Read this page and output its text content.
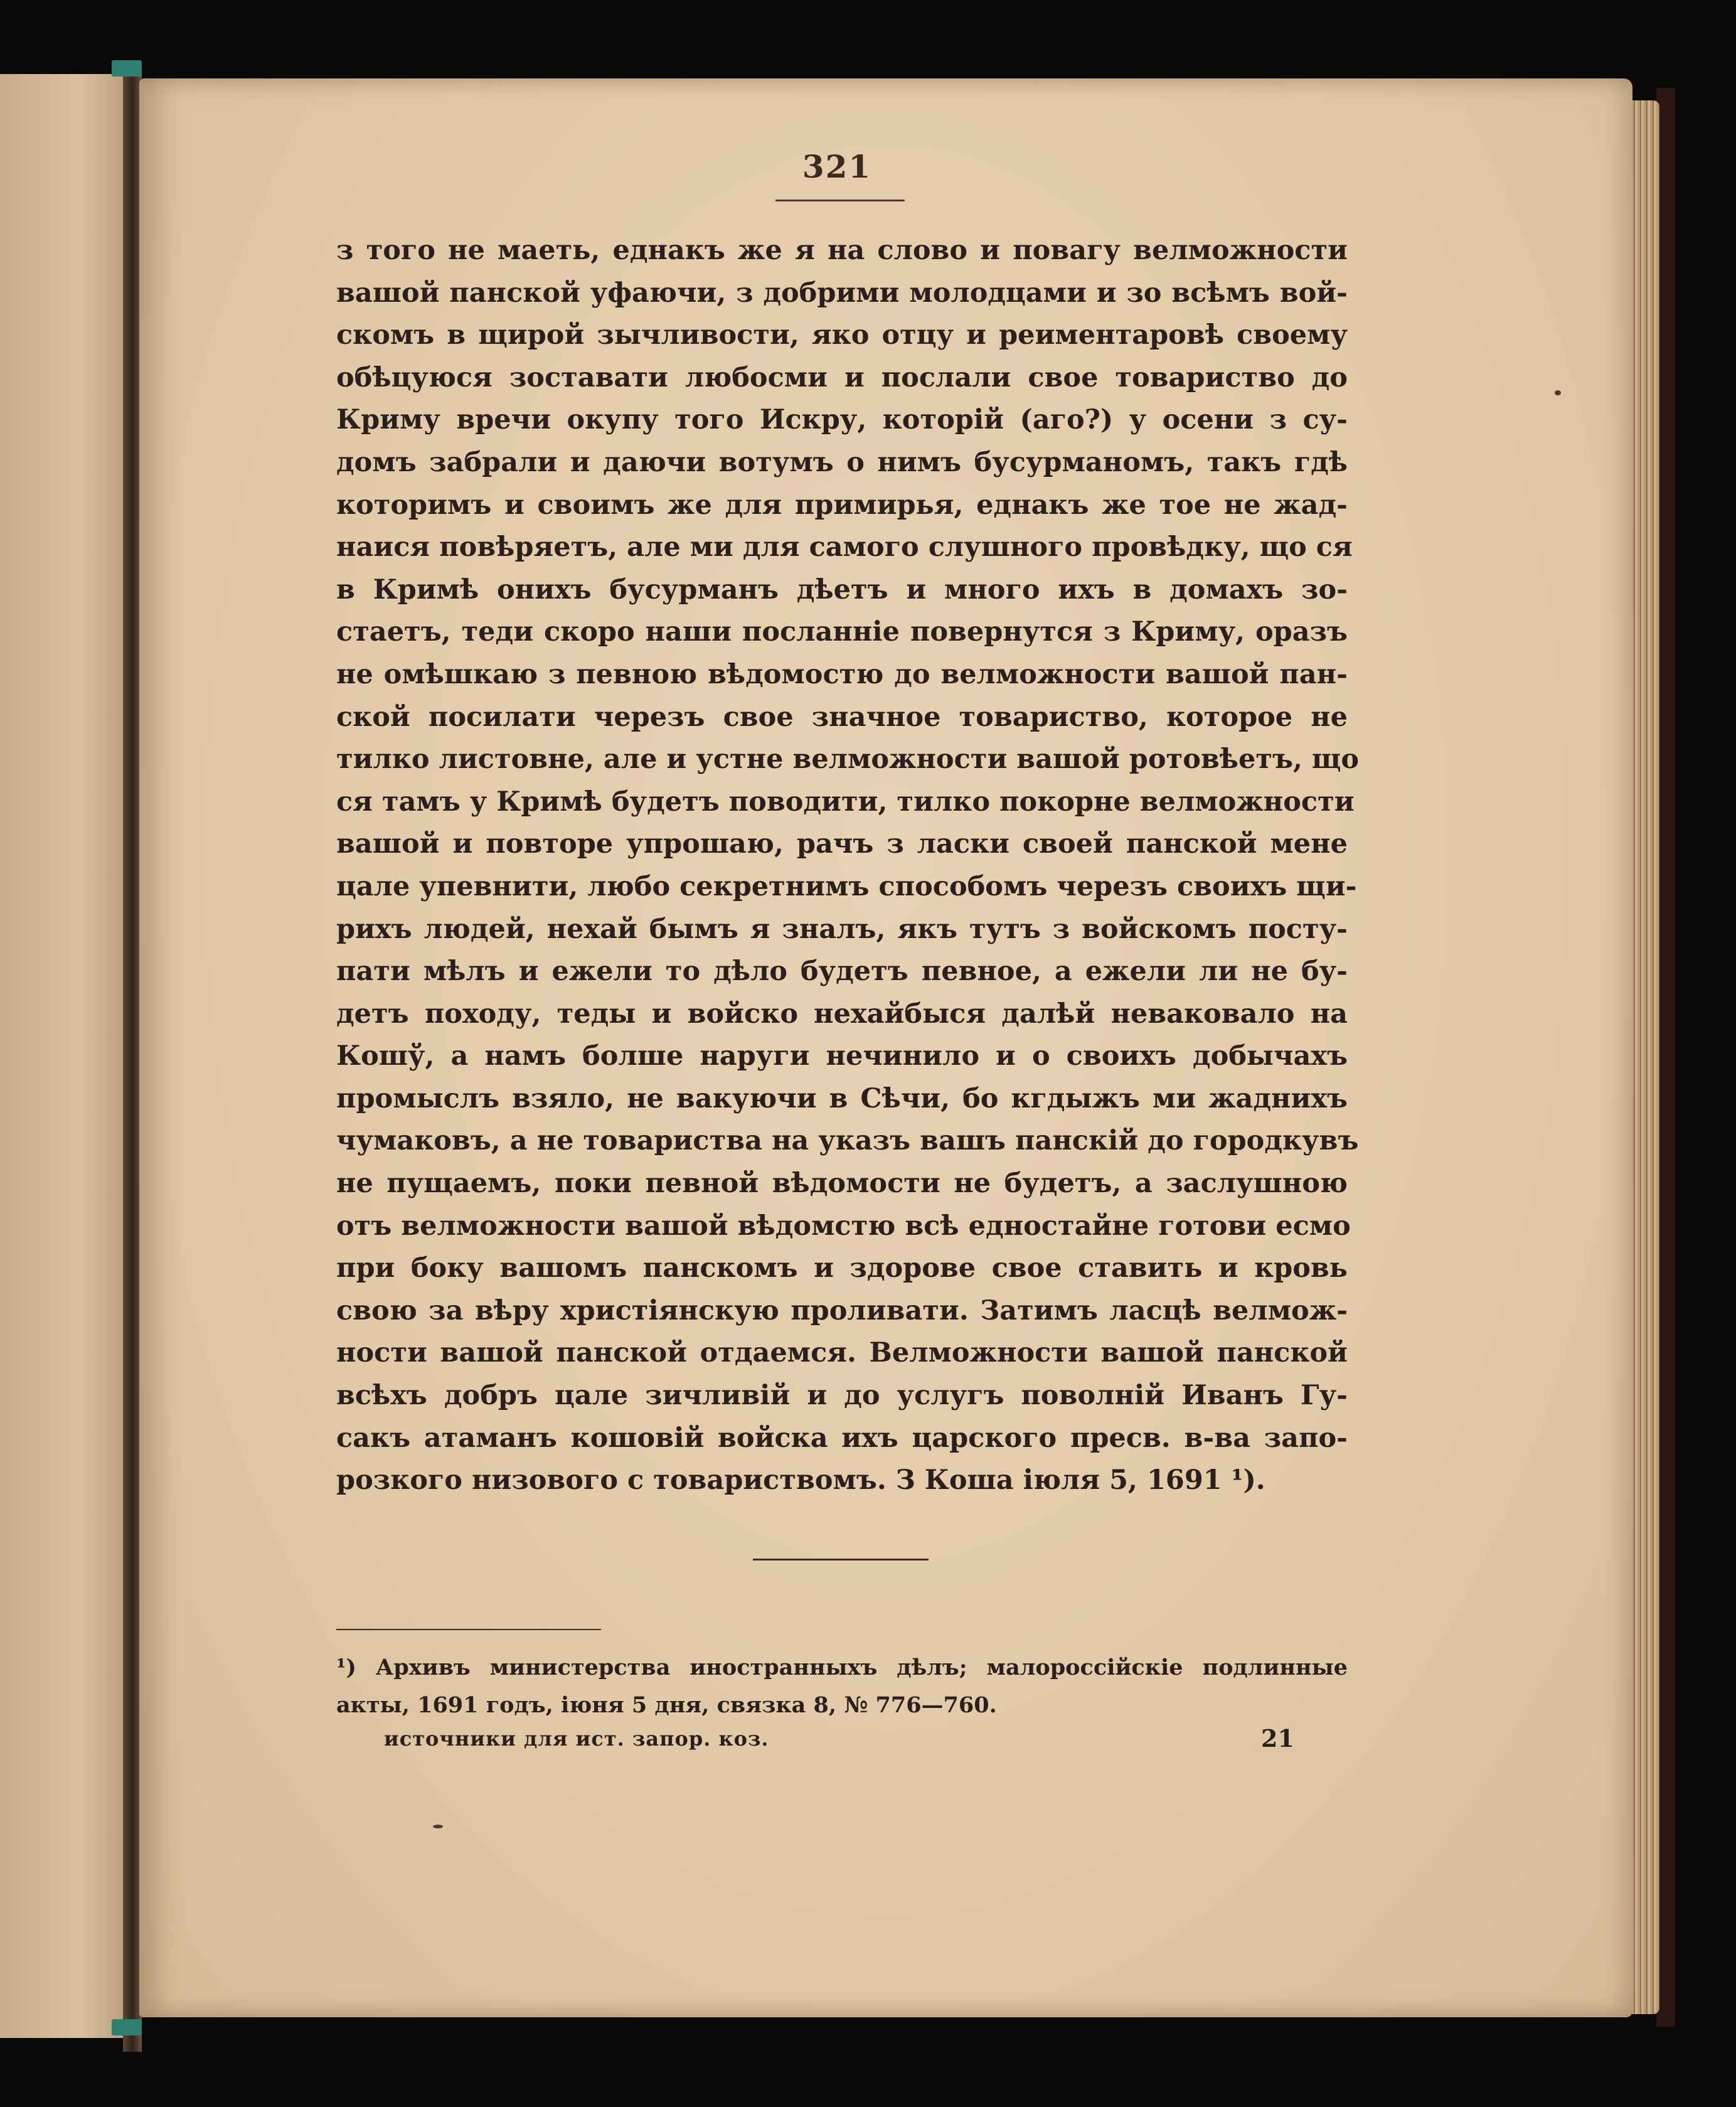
321
з того не маеть, еднакъ же я на слово и повагу велможности
вашой панской уфаючи, з добрими молодцами и зо всѣмъ вой-
скомъ в щирой зычливости, яко отцу и реиментаровѣ своему
обѣцуюся зоставати любосми и послали свое товариство до
Криму вречи окупу того Искру, которій (аго?) у осени з су-
домъ забрали и даючи вотумъ о нимъ бусурманомъ, такъ гдѣ
которимъ и своимъ же для примирья, еднакъ же тое не жад-
наися повѣряетъ, але ми для самого слушного провѣдку, що ся
в Кримѣ онихъ бусурманъ дѣетъ и много ихъ в домахъ зо-
стаетъ, теди скоро наши посланніе повернутся з Криму, оразъ
не омѣшкаю з певною вѣдомостю до велможности вашой пан-
ской посилати черезъ свое значное товариство, которое не
тилко листовне, але и устне велможности вашой ротовѣетъ, що
ся тамъ у Кримѣ будетъ поводити, тилко покорне велможности
вашой и повторе упрошаю, рачъ з ласки своей панской мене
цале упевнити, любо секретнимъ способомъ черезъ своихъ щи-
рихъ людей, нехай бымъ я зналъ, якъ тутъ з войскомъ посту-
пати мѣлъ и ежели то дѣло будетъ певное, а ежели ли не бу-
детъ походу, теды и войско нехайбыся далѣй неваковало на
Кошў, а намъ болше наруги нечинило и о своихъ добычахъ
промыслъ взяло, не вакуючи в Сѣчи, бо кгдыжъ ми жаднихъ
чумаковъ, а не товариства на указъ вашъ панскій до городкувъ
не пущаемъ, поки певной вѣдомости не будетъ, а заслушною
отъ велможности вашой вѣдомстю всѣ едностайне готови есмо
при боку вашомъ панскомъ и здорове свое ставить и кровь
свою за вѣру христіянскую проливати. Затимъ ласцѣ велмож-
ности вашой панской отдаемся. Велможности вашой панской
всѣхъ добръ цале зичливій и до услугъ поволній Иванъ Гу-
сакъ атаманъ кошовій войска ихъ царского пресв. в-ва запо-
розкого низового с товариствомъ. З Коша іюля 5, 1691 ¹).
¹) Архивъ министерства иностранныхъ дѣлъ; малороссійскіе подлинные
акты, 1691 годъ, іюня 5 дня, связка 8, № 776—760.
источники для ист. запор. коз.	21
